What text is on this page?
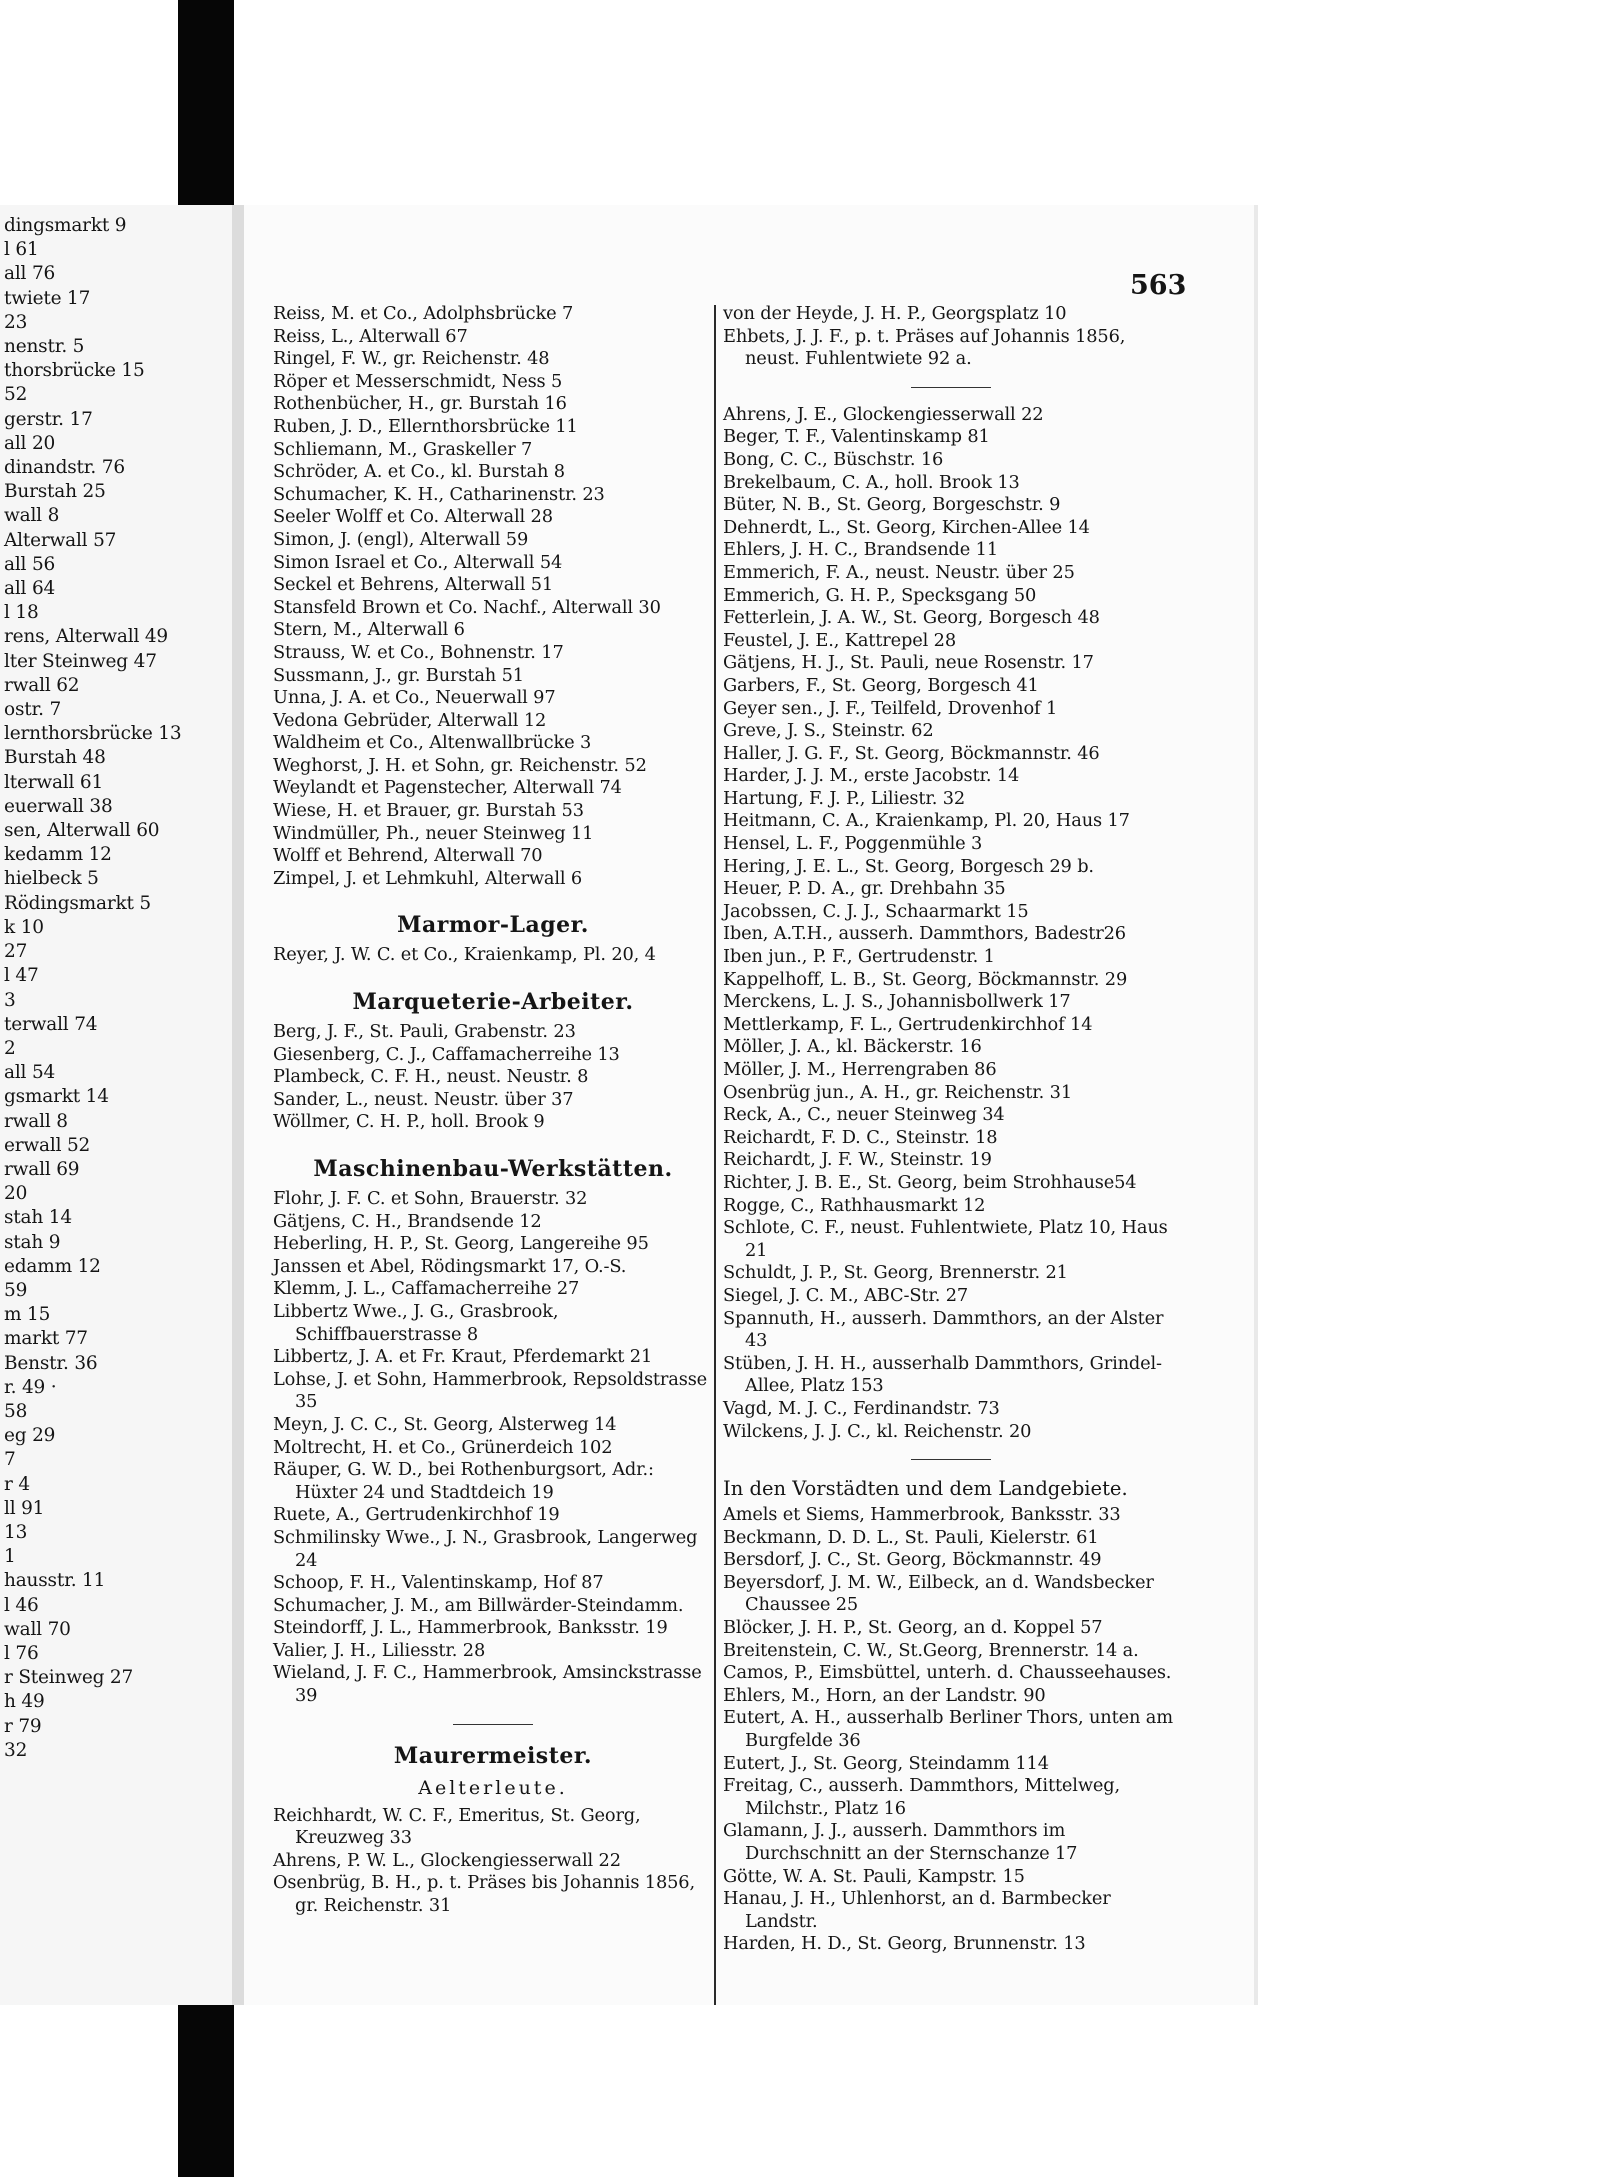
dingsmarkt 9
l 61
all 76
twiete 17
23
nenstr. 5
thorsbrücke 15
52
gerstr. 17
all 20
dinandstr. 76
Burstah 25
wall 8
Alterwall 57
all 56
all 64
l 18
rens, Alterwall 49
lter Steinweg 47
rwall 62
ostr. 7
lernthorsbrücke 13
Burstah 48
lterwall 61
euerwall 38
sen, Alterwall 60
kedamm 12
hielbeck 5
Rödingsmarkt 5
k 10
27
l 47
3
terwall 74
2
all 54
gsmarkt 14
rwall 8
erwall 52
rwall 69
20
stah 14
stah 9
edamm 12
59
m 15
markt 77
Benstr. 36
r. 49 ·
58
eg 29
7
r 4
ll 91
13
1
hausstr. 11
l 46
wall 70
l 76
r Steinweg 27
h 49
r 79
32
563
Reiss, M. et Co., Adolphsbrücke 7
Reiss, L., Alterwall 67
Ringel, F. W., gr. Reichenstr. 48
Röper et Messerschmidt, Ness 5
Rothenbücher, H., gr. Burstah 16
Ruben, J. D., Ellernthorsbrücke 11
Schliemann, M., Graskeller 7
Schröder, A. et Co., kl. Burstah 8
Schumacher, K. H., Catharinenstr. 23
Seeler Wolff et Co. Alterwall 28
Simon, J. (engl), Alterwall 59
Simon Israel et Co., Alterwall 54
Seckel et Behrens, Alterwall 51
Stansfeld Brown et Co. Nachf., Alterwall 30
Stern, M., Alterwall 6
Strauss, W. et Co., Bohnenstr. 17
Sussmann, J., gr. Burstah 51
Unna, J. A. et Co., Neuerwall 97
Vedona Gebrüder, Alterwall 12
Waldheim et Co., Altenwallbrücke 3
Weghorst, J. H. et Sohn, gr. Reichenstr. 52
Weylandt et Pagenstecher, Alterwall 74
Wiese, H. et Brauer, gr. Burstah 53
Windmüller, Ph., neuer Steinweg 11
Wolff et Behrend, Alterwall 70
Zimpel, J. et Lehmkuhl, Alterwall 6
Marmor-Lager.
Reyer, J. W. C. et Co., Kraienkamp, Pl. 20, 4
Marqueterie-Arbeiter.
Berg, J. F., St. Pauli, Grabenstr. 23
Giesenberg, C. J., Caffamacherreihe 13
Plambeck, C. F. H., neust. Neustr. 8
Sander, L., neust. Neustr. über 37
Wöllmer, C. H. P., holl. Brook 9
Maschinenbau-Werkstätten.
Flohr, J. F. C. et Sohn, Brauerstr. 32
Gätjens, C. H., Brandsende 12
Heberling, H. P., St. Georg, Langereihe 95
Janssen et Abel, Rödingsmarkt 17, O.-S.
Klemm, J. L., Caffamacherreihe 27
Libbertz Wwe., J. G., Grasbrook, Schiffbauerstrasse 8
Libbertz, J. A. et Fr. Kraut, Pferdemarkt 21
Lohse, J. et Sohn, Hammerbrook, Repsoldstrasse 35
Meyn, J. C. C., St. Georg, Alsterweg 14
Moltrecht, H. et Co., Grünerdeich 102
Räuper, G. W. D., bei Rothenburgsort, Adr.: Hüxter 24 und Stadtdeich 19
Ruete, A., Gertrudenkirchhof 19
Schmilinsky Wwe., J. N., Grasbrook, Langerweg 24
Schoop, F. H., Valentinskamp, Hof 87
Schumacher, J. M., am Billwärder-Steindamm.
Steindorff, J. L., Hammerbrook, Banksstr. 19
Valier, J. H., Liliesstr. 28
Wieland, J. F. C., Hammerbrook, Amsinckstrasse 39
Maurermeister.
Aelterleute.
Reichhardt, W. C. F., Emeritus, St. Georg, Kreuzweg 33
Ahrens, P. W. L., Glockengiesserwall 22
Osenbrüg, B. H., p. t. Präses bis Johannis 1856, gr. Reichenstr. 31
von der Heyde, J. H. P., Georgsplatz 10
Ehbets, J. J. F., p. t. Präses auf Johannis 1856, neust. Fuhlentwiete 92 a.
Ahrens, J. E., Glockengiesserwall 22
Beger, T. F., Valentinskamp 81
Bong, C. C., Büschstr. 16
Brekelbaum, C. A., holl. Brook 13
Büter, N. B., St. Georg, Borgeschstr. 9
Dehnerdt, L., St. Georg, Kirchen-Allee 14
Ehlers, J. H. C., Brandsende 11
Emmerich, F. A., neust. Neustr. über 25
Emmerich, G. H. P., Specksgang 50
Fetterlein, J. A. W., St. Georg, Borgesch 48
Feustel, J. E., Kattrepel 28
Gätjens, H. J., St. Pauli, neue Rosenstr. 17
Garbers, F., St. Georg, Borgesch 41
Geyer sen., J. F., Teilfeld, Drovenhof 1
Greve, J. S., Steinstr. 62
Haller, J. G. F., St. Georg, Böckmannstr. 46
Harder, J. J. M., erste Jacobstr. 14
Hartung, F. J. P., Liliestr. 32
Heitmann, C. A., Kraienkamp, Pl. 20, Haus 17
Hensel, L. F., Poggenmühle 3
Hering, J. E. L., St. Georg, Borgesch 29 b.
Heuer, P. D. A., gr. Drehbahn 35
Jacobssen, C. J. J., Schaarmarkt 15
Iben, A.T.H., ausserh. Dammthors, Badestr26
Iben jun., P. F., Gertrudenstr. 1
Kappelhoff, L. B., St. Georg, Böckmannstr. 29
Merckens, L. J. S., Johannisbollwerk 17
Mettlerkamp, F. L., Gertrudenkirchhof 14
Möller, J. A., kl. Bäckerstr. 16
Möller, J. M., Herrengraben 86
Osenbrüg jun., A. H., gr. Reichenstr. 31
Reck, A., C., neuer Steinweg 34
Reichardt, F. D. C., Steinstr. 18
Reichardt, J. F. W., Steinstr. 19
Richter, J. B. E., St. Georg, beim Strohhause54
Rogge, C., Rathhausmarkt 12
Schlote, C. F., neust. Fuhlentwiete, Platz 10, Haus 21
Schuldt, J. P., St. Georg, Brennerstr. 21
Siegel, J. C. M., ABC-Str. 27
Spannuth, H., ausserh. Dammthors, an der Alster 43
Stüben, J. H. H., ausserhalb Dammthors, Grindel-Allee, Platz 153
Vagd, M. J. C., Ferdinandstr. 73
Wilckens, J. J. C., kl. Reichenstr. 20
In den Vorstädten und dem Landgebiete.
Amels et Siems, Hammerbrook, Banksstr. 33
Beckmann, D. D. L., St. Pauli, Kielerstr. 61
Bersdorf, J. C., St. Georg, Böckmannstr. 49
Beyersdorf, J. M. W., Eilbeck, an d. Wandsbecker Chaussee 25
Blöcker, J. H. P., St. Georg, an d. Koppel 57
Breitenstein, C. W., St.Georg, Brennerstr. 14 a.
Camos, P., Eimsbüttel, unterh. d. Chausseehauses.
Ehlers, M., Horn, an der Landstr. 90
Eutert, A. H., ausserhalb Berliner Thors, unten am Burgfelde 36
Eutert, J., St. Georg, Steindamm 114
Freitag, C., ausserh. Dammthors, Mittelweg, Milchstr., Platz 16
Glamann, J. J., ausserh. Dammthors im Durchschnitt an der Sternschanze 17
Götte, W. A. St. Pauli, Kampstr. 15
Hanau, J. H., Uhlenhorst, an d. Barmbecker Landstr.
Harden, H. D., St. Georg, Brunnenstr. 13
